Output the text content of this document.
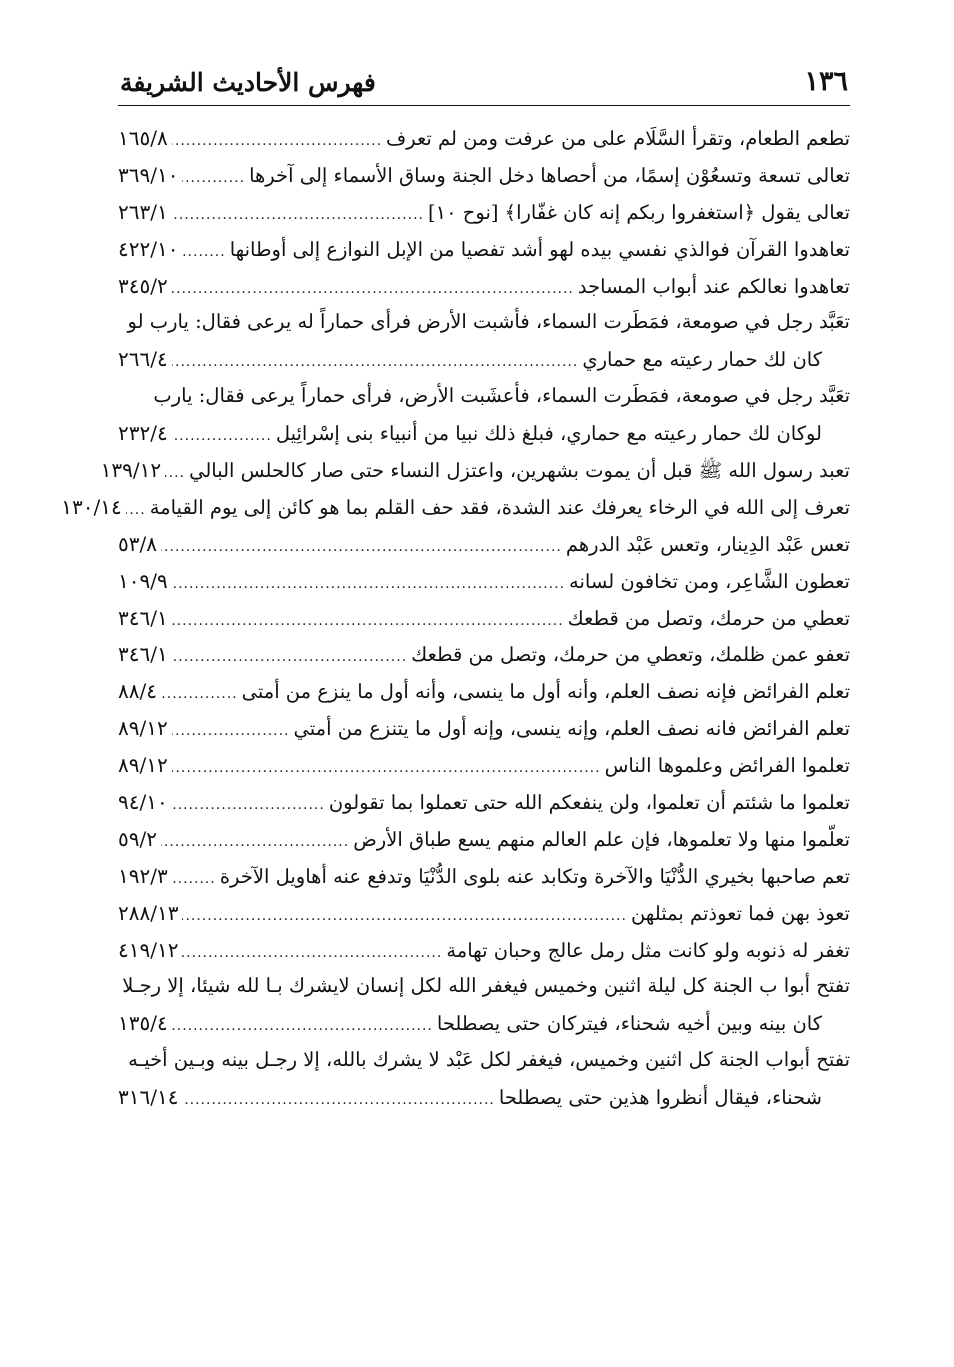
١٣٦
فهرس الأحاديث الشريفة
تطعم الطعام، وتقرأ السَّلَام على من عرفت ومن لم تعرف
.....
١٦٥/٨
تعالى تسعة وتسعُوْن إسمًا، من أحصاها دخل الجنة وساق الأسماء إلى آخرها
.....
٣٦٩/١٠
تعالى يقول ﴿استغفروا ربكم إنه كان غفّارا﴾ [نوح ١٠]
.....
٢٦٣/١
تعاهدوا القرآن فوالذي نفسي بيده لهو أشد تفصيا من الإبل النوازع إلى أوطانها
.....
٤٢٢/١٠
تعاهدوا نعالكم عند أبواب المساجد
.....
٣٤٥/٢
تعَبَّد رجل في صومعة، فمَطَرت السماء، فأشبت الأرض فرأى حماراً له يرعى فقال: يارب لو
كان لك حمار رعيته مع حماري
.....
٢٦٦/٤
تعَبَّد رجل في صومعة، فمَطَرت السماء، فأعشَبت الأرض، فرأى حماراً يرعى فقال: يارب
لوكان لك حمار رعيته مع حماري، فبلغ ذلك نبيا من أنبياء بنى إسْرائِيل
.....
٢٣٢/٤
تعبد رسول الله ﷺ قبل أن يموت بشهرين، واعتزل النساء حتى صار كالحلس البالي
.....
١٣٩/١٢
تعرف إلى الله في الرخاء يعرفك عند الشدة، فقد حف القلم بما هو كائن إلى يوم القيامة
.....
١٣٠/١٤
تعس عَبْد الدِينار، وتعس عَبْد الدرهم
.....
٥٣/٨
تعطون الشَّاعِر، ومن تخافون لسانه
.....
١٠٩/٩
تعطي من حرمك، وتصل من قطعك
.....
٣٤٦/١
تعفو عمن ظلمك، وتعطي من حرمك، وتصل من قطعك
.....
٣٤٦/١
تعلم الفرائض فإنه نصف العلم، وأنه أول ما ينسى، وأنه أول ما ينزع من أمتى
.....
٨٨/٤
تعلم الفرائض فانه نصف العلم، وإنه ينسى، وإنه أول ما يتنزع من أمتي
.....
٨٩/١٢
تعلموا الفرائض وعلموها الناس
.....
٨٩/١٢
تعلموا ما شئتم أن تعلموا، ولن ينفعكم الله حتى تعملوا بما تقولون
.....
٩٤/١٠
تعلّموا منها ولا تعلموها، فإن علم العالم منهم يسع طباق الأرض
.....
٥٩/٢
تعم صاحبها بخيري الدُّنْيَا والآخرة وتكابد عنه بلوى الدُّنْيَا وتدفع عنه أهاويل الآخرة
.....
١٩٢/٣
تعوذ بهن فما تعوذتم بمثلهن
.....
٢٨٨/١٣
تغفر له ذنوبه ولو كانت مثل رمل عالج وحبان تهامة
.....
٤١٩/١٢
تفتح أبوا ب الجنة كل ليلة اثنين وخميس فيغفر الله لكل إنسان لايشرك بـا لله شيئا، إلا رجـلا
كان بينه وبين أخيه شحناء، فيتركان حتى يصطلحا
.....
١٣٥/٤
تفتح أبواب الجنة كل اثنين وخميس، فيغفر لكل عَبْد لا يشرك بالله، إلا رجـل بينه وبـين أخيـه
شحناء، فيقال أنظروا هذين حتى يصطلحا
.....
٣١٦/١٤
